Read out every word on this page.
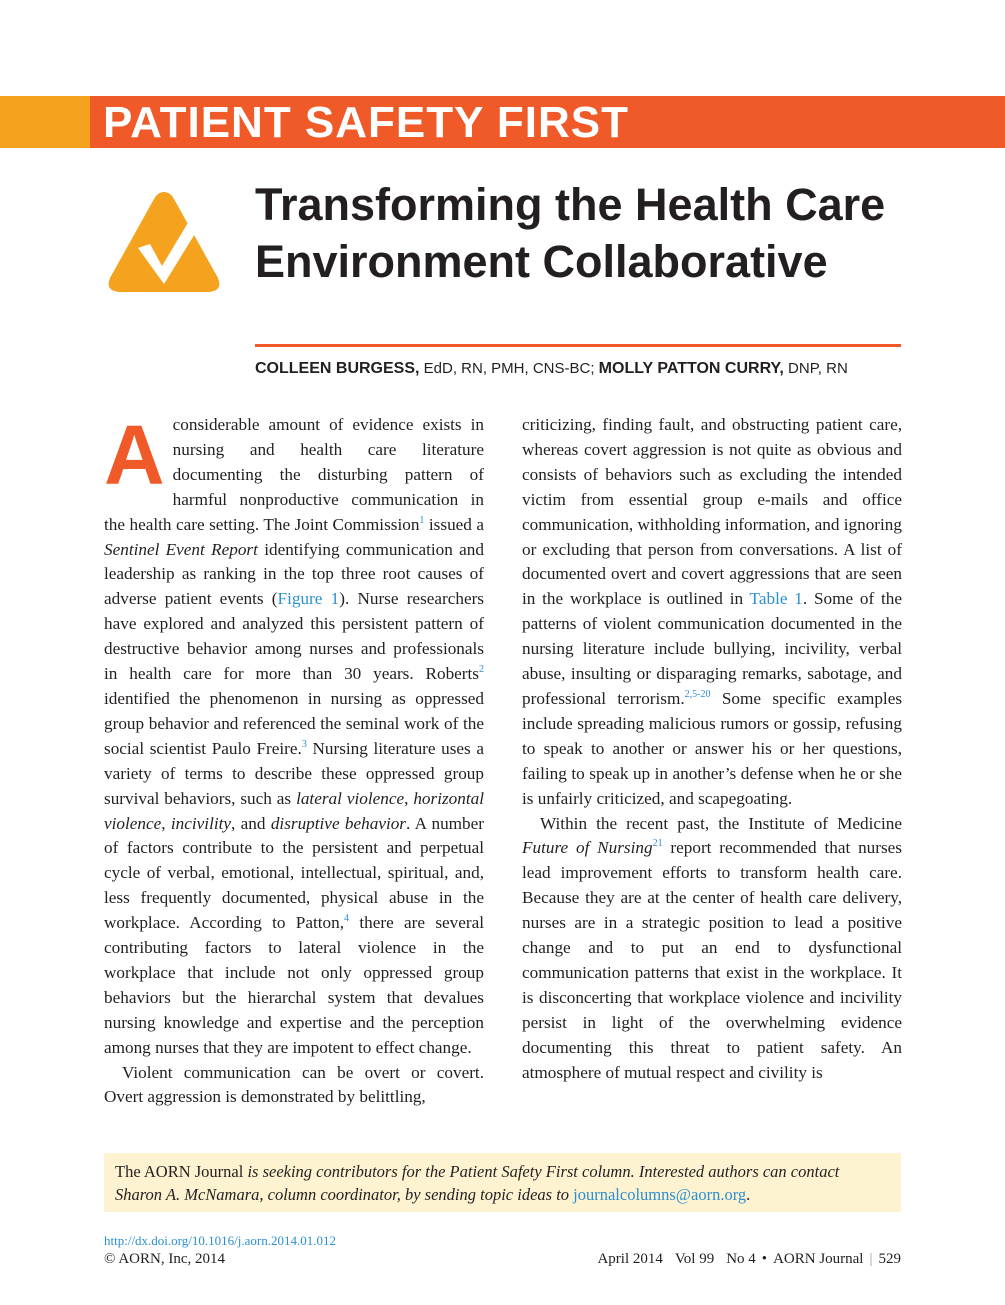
PATIENT SAFETY FIRST
Transforming the Health Care Environment Collaborative
COLLEEN BURGESS, EdD, RN, PMH, CNS-BC; MOLLY PATTON CURRY, DNP, RN

Aconsiderable amount of evidence exists in nursing and health care literature documenting the disturbing pattern of harmful nonproductive communication in the health care setting. The Joint Commission$^1$ issued a Sentinel Event Report identifying communication and leadership as ranking in the top three root causes of adverse patient events (Figure 1). Nurse researchers have explored and analyzed this persistent pattern of destructive behavior among nurses and professionals in health care for more than 30 years. Roberts$^2$ identified the phenomenon in nursing as oppressed group behavior and referenced the seminal work of the social scientist Paulo Freire.$^3$ Nursing literature uses a variety of terms to describe these oppressed group survival behaviors, such as lateral violence, horizontal violence, incivility, and disruptive behavior. A number of factors contribute to the persistent and perpetual cycle of verbal, emotional, intellectual, spiritual, and, less frequently documented, physical abuse in the workplace. According to Patton,$^4$ there are several contributing factors to lateral violence in the workplace that include not only oppressed group behaviors but the hierarchal system that devalues nursing knowledge and expertise and the perception among nurses that they are impotent to effect change.

Violent communication can be overt or covert. Overt aggression is demonstrated by belittling,

criticizing, finding fault, and obstructing patient care, whereas covert aggression is not quite as obvious and consists of behaviors such as excluding the intended victim from essential group e-mails and office communication, withholding information, and ignoring or excluding that person from conversations. A list of documented overt and covert aggressions that are seen in the workplace is outlined in Table 1. Some of the patterns of violent communication documented in the nursing literature include bullying, incivility, verbal abuse, insulting or disparaging remarks, sabotage, and professional terrorism.$^{2,5-20}$ Some specific examples include spreading malicious rumors or gossip, refusing to speak to another or answer his or her questions, failing to speak up in another’s defense when he or she is unfairly criticized, and scapegoating.

Within the recent past, the Institute of Medicine Future of Nursing$^{21}$ report recommended that nurses lead improvement efforts to transform health care. Because they are at the center of health care delivery, nurses are in a strategic position to lead a positive change and to put an end to dysfunctional communication patterns that exist in the workplace. It is disconcerting that workplace violence and incivility persist in light of the overwhelming evidence documenting this threat to patient safety. An atmosphere of mutual respect and civility is

The AORN Journal is seeking contributors for the Patient Safety First column. Interested authors can contact Sharon A. McNamara, column coordinator, by sending topic ideas to journalcolumns@aorn.org.
http://dx.doi.org/10.1016/j.aorn.2014.01.012
© AORN, Inc, 2014	April 2014 Vol 99 No 4 • AORN Journal | 529
